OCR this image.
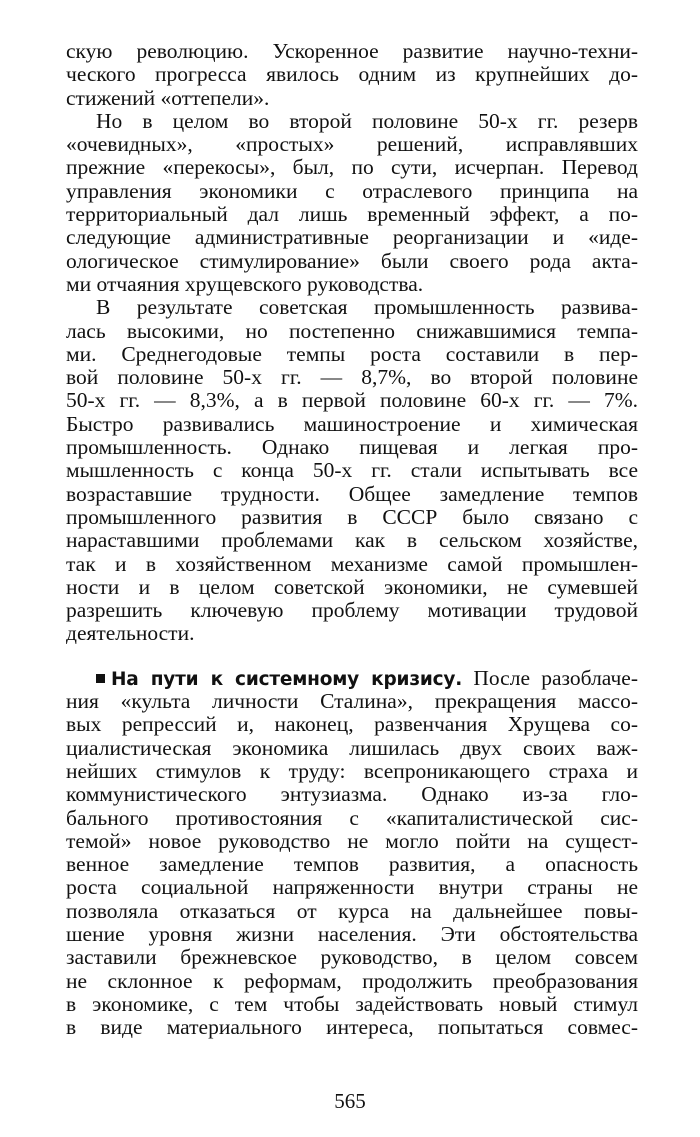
скую революцию. Ускоренное развитие научно-техни-
ческого прогресса явилось одним из крупнейших до-
стижений «оттепели».
Но в целом во второй половине 50-х гг. резерв
«очевидных», «простых» решений, исправлявших
прежние «перекосы», был, по сути, исчерпан. Перевод
управления экономики с отраслевого принципа на
территориальный дал лишь временный эффект, а по-
следующие административные реорганизации и «иде-
ологическое стимулирование» были своего рода акта-
ми отчаяния хрущевского руководства.
В результате советская промышленность развива-
лась высокими, но постепенно снижавшимися темпа-
ми. Среднегодовые темпы роста составили в пер-
вой половине 50-х гг. — 8,7%, во второй половине
50-х гг. — 8,3%, а в первой половине 60-х гг. — 7%.
Быстро развивались машиностроение и химическая
промышленность. Однако пищевая и легкая про-
мышленность с конца 50-х гг. стали испытывать все
возраставшие трудности. Общее замедление темпов
промышленного развития в СССР было связано с
нараставшими проблемами как в сельском хозяйстве,
так и в хозяйственном механизме самой промышлен-
ности и в целом советской экономики, не сумевшей
разрешить ключевую проблему мотивации трудовой
деятельности.
На пути к системному кризису. После разоблаче-
ния «культа личности Сталина», прекращения массо-
вых репрессий и, наконец, развенчания Хрущева со-
циалистическая экономика лишилась двух своих важ-
нейших стимулов к труду: всепроникающего страха и
коммунистического энтузиазма. Однако из-за гло-
бального противостояния с «капиталистической сис-
темой» новое руководство не могло пойти на сущест-
венное замедление темпов развития, а опасность
роста социальной напряженности внутри страны не
позволяла отказаться от курса на дальнейшее повы-
шение уровня жизни населения. Эти обстоятельства
заставили брежневское руководство, в целом совсем
не склонное к реформам, продолжить преобразования
в экономике, с тем чтобы задействовать новый стимул
в виде материального интереса, попытаться совмес-
565
